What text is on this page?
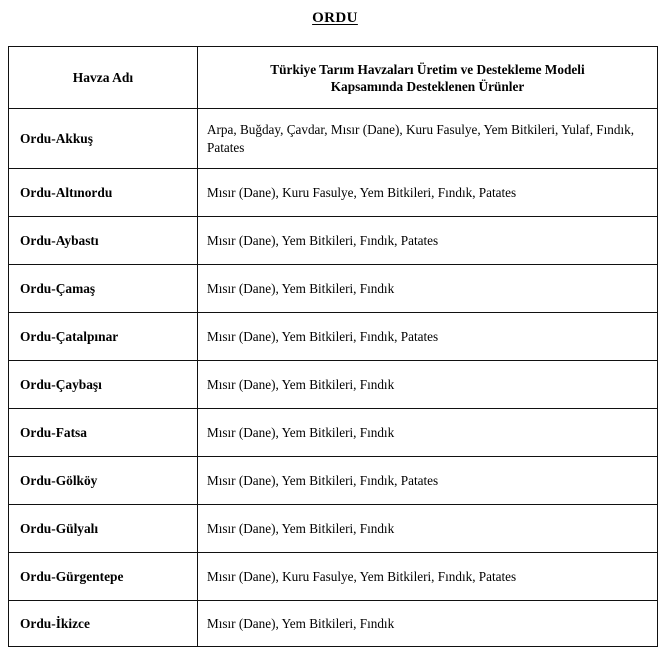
ORDU
Havza Adı	Türkiye Tarım Havzaları Üretim ve Destekleme Modeli
Kapsamında Desteklenen Ürünler

Ordu-Akkuş	Arpa, Buğday, Çavdar, Mısır (Dane), Kuru Fasulye, Yem Bitkileri, Yulaf, Fındık, Patates
Ordu-Altınordu	Mısır (Dane), Kuru Fasulye, Yem Bitkileri, Fındık, Patates
Ordu-Aybastı	Mısır (Dane), Yem Bitkileri, Fındık, Patates
Ordu-Çamaş	Mısır (Dane), Yem Bitkileri, Fındık
Ordu-Çatalpınar	Mısır (Dane), Yem Bitkileri, Fındık, Patates
Ordu-Çaybaşı	Mısır (Dane), Yem Bitkileri, Fındık
Ordu-Fatsa	Mısır (Dane), Yem Bitkileri, Fındık
Ordu-Gölköy	Mısır (Dane), Yem Bitkileri, Fındık, Patates
Ordu-Gülyalı	Mısır (Dane), Yem Bitkileri, Fındık
Ordu-Gürgentepe	Mısır (Dane), Kuru Fasulye, Yem Bitkileri, Fındık, Patates
Ordu-İkizce	Mısır (Dane), Yem Bitkileri, Fındık
